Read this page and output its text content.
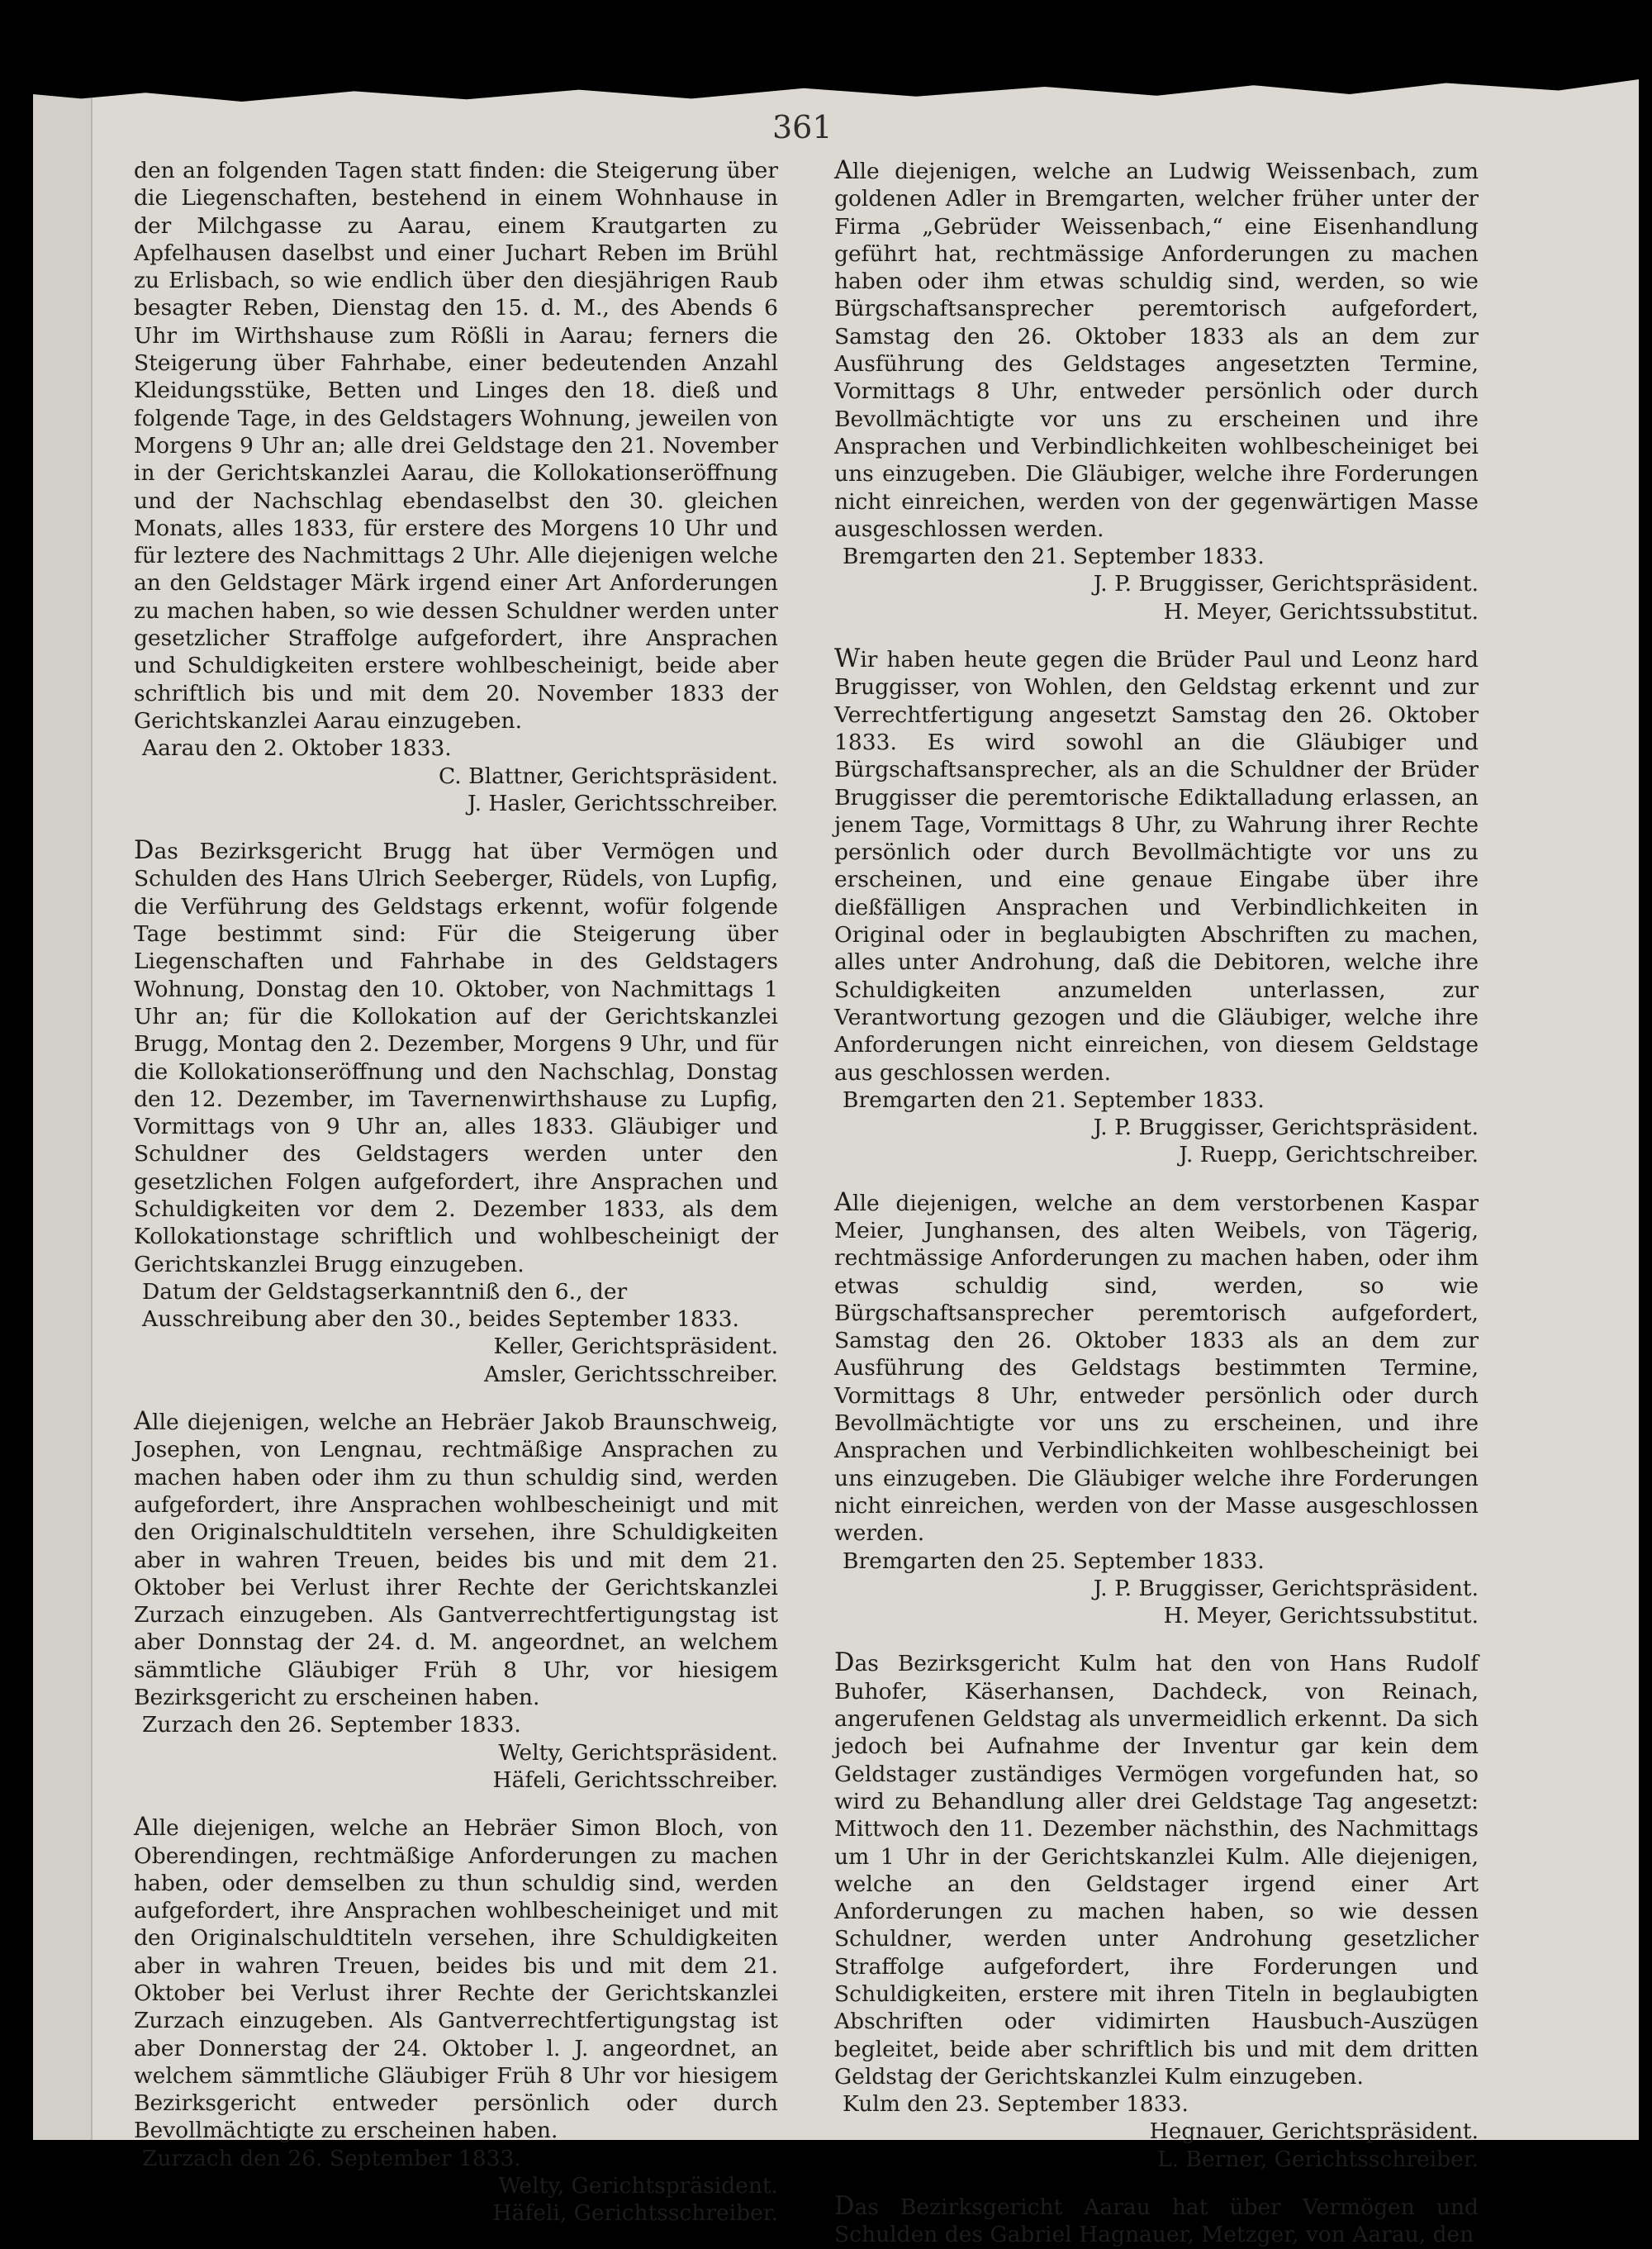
361

den an folgenden Tagen statt finden: die Steigerung über die Liegenschaften, bestehend in einem Wohnhause in der Milchgasse zu Aarau, einem Krautgarten zu Apfelhausen daselbst und einer Juchart Reben im Brühl zu Erlisbach, so wie endlich über den diesjährigen Raub besagter Reben, Dienstag den 15. d. M., des Abends 6 Uhr im Wirthshause zum Rößli in Aarau; ferners die Steigerung über Fahrhabe, einer bedeutenden Anzahl Kleidungsstüke, Betten und Linges den 18. dieß und folgende Tage, in des Geldstagers Wohnung, jeweilen von Morgens 9 Uhr an; alle drei Geldstage den 21. November in der Gerichtskanzlei Aarau, die Kollokationseröffnung und der Nachschlag ebendaselbst den 30. gleichen Monats, alles 1833, für erstere des Morgens 10 Uhr und für leztere des Nachmittags 2 Uhr. Alle diejenigen welche an den Geldstager Märk irgend einer Art Anforderungen zu machen haben, so wie dessen Schuldner werden unter gesetzlicher Straffolge aufgefordert, ihre Ansprachen und Schuldigkeiten erstere wohlbescheinigt, beide aber schriftlich bis und mit dem 20. November 1833 der Gerichtskanzlei Aarau einzugeben.

Aarau den 2. Oktober 1833.

C. Blattner, Gerichtspräsident.

J. Hasler, Gerichtsschreiber.

Das Bezirksgericht Brugg hat über Vermögen und Schulden des Hans Ulrich Seeberger, Rüdels, von Lupfig, die Verführung des Geldstags erkennt, wofür folgende Tage bestimmt sind: Für die Steigerung über Liegenschaften und Fahrhabe in des Geldstagers Wohnung, Donstag den 10. Oktober, von Nachmittags 1 Uhr an; für die Kollokation auf der Gerichtskanzlei Brugg, Montag den 2. Dezember, Morgens 9 Uhr, und für die Kollokationseröffnung und den Nachschlag, Donstag den 12. Dezember, im Tavernenwirthshause zu Lupfig, Vormittags von 9 Uhr an, alles 1833. Gläubiger und Schuldner des Geldstagers werden unter den gesetzlichen Folgen aufgefordert, ihre Ansprachen und Schuldigkeiten vor dem 2. Dezember 1833, als dem Kollokationstage schriftlich und wohlbescheinigt der Gerichtskanzlei Brugg einzugeben.

Datum der Geldstagserkanntniß den 6., der Ausschreibung aber den 30., beides September 1833.

Keller, Gerichtspräsident.

Amsler, Gerichtsschreiber.

Alle diejenigen, welche an Hebräer Jakob Braunschweig, Josephen, von Lengnau, rechtmäßige Ansprachen zu machen haben oder ihm zu thun schuldig sind, werden aufgefordert, ihre Ansprachen wohlbescheinigt und mit den Originalschuldtiteln versehen, ihre Schuldigkeiten aber in wahren Treuen, beides bis und mit dem 21. Oktober bei Verlust ihrer Rechte der Gerichtskanzlei Zurzach einzugeben. Als Gantverrechtfertigungstag ist aber Donnstag der 24. d. M. angeordnet, an welchem sämmtliche Gläubiger Früh 8 Uhr, vor hiesigem Bezirksgericht zu erscheinen haben.

Zurzach den 26. September 1833.

Welty, Gerichtspräsident.

Häfeli, Gerichtsschreiber.

Alle diejenigen, welche an Hebräer Simon Bloch, von Oberendingen, rechtmäßige Anforderungen zu machen haben, oder demselben zu thun schuldig sind, werden aufgefordert, ihre Ansprachen wohlbescheiniget und mit den Originalschuldtiteln versehen, ihre Schuldigkeiten aber in wahren Treuen, beides bis und mit dem 21. Oktober bei Verlust ihrer Rechte der Gerichtskanzlei Zurzach einzugeben. Als Gantverrechtfertigungstag ist aber Donnerstag der 24. Oktober l. J. angeordnet, an welchem sämmtliche Gläubiger Früh 8 Uhr vor hiesigem Bezirksgericht entweder persönlich oder durch Bevollmächtigte zu erscheinen haben.

Zurzach den 26. September 1833.

Welty, Gerichtspräsident.

Häfeli, Gerichtsschreiber.

Alle diejenigen, welche an Ludwig Weissenbach, zum goldenen Adler in Bremgarten, welcher früher unter der Firma „Gebrüder Weissenbach,“ eine Eisenhandlung geführt hat, rechtmässige Anforderungen zu machen haben oder ihm etwas schuldig sind, werden, so wie Bürgschaftsansprecher peremtorisch aufgefordert, Samstag den 26. Oktober 1833 als an dem zur Ausführung des Geldstages angesetzten Termine, Vormittags 8 Uhr, entweder persönlich oder durch Bevollmächtigte vor uns zu erscheinen und ihre Ansprachen und Verbindlichkeiten wohlbescheiniget bei uns einzugeben. Die Gläubiger, welche ihre Forderungen nicht einreichen, werden von der gegenwärtigen Masse ausgeschlossen werden.

Bremgarten den 21. September 1833.

J. P. Bruggisser, Gerichtspräsident.

H. Meyer, Gerichtssubstitut.

Wir haben heute gegen die Brüder Paul und Leonz hard Bruggisser, von Wohlen, den Geldstag erkennt und zur Verrechtfertigung angesetzt Samstag den 26. Oktober 1833. Es wird sowohl an die Gläubiger und Bürgschaftsansprecher, als an die Schuldner der Brüder Bruggisser die peremtorische Ediktalladung erlassen, an jenem Tage, Vormittags 8 Uhr, zu Wahrung ihrer Rechte persönlich oder durch Bevollmächtigte vor uns zu erscheinen, und eine genaue Eingabe über ihre dießfälligen Ansprachen und Verbindlichkeiten in Original oder in beglaubigten Abschriften zu machen, alles unter Androhung, daß die Debitoren, welche ihre Schuldigkeiten anzumelden unterlassen, zur Verantwortung gezogen und die Gläubiger, welche ihre Anforderungen nicht einreichen, von diesem Geldstage aus geschlossen werden.

Bremgarten den 21. September 1833.

J. P. Bruggisser, Gerichtspräsident.

J. Ruepp, Gerichtschreiber.

Alle diejenigen, welche an dem verstorbenen Kaspar Meier, Junghansen, des alten Weibels, von Tägerig, rechtmässige Anforderungen zu machen haben, oder ihm etwas schuldig sind, werden, so wie Bürgschaftsansprecher peremtorisch aufgefordert, Samstag den 26. Oktober 1833 als an dem zur Ausführung des Geldstags bestimmten Termine, Vormittags 8 Uhr, entweder persönlich oder durch Bevollmächtigte vor uns zu erscheinen, und ihre Ansprachen und Verbindlichkeiten wohlbescheinigt bei uns einzugeben. Die Gläubiger welche ihre Forderungen nicht einreichen, werden von der Masse ausgeschlossen werden.

Bremgarten den 25. September 1833.

J. P. Bruggisser, Gerichtspräsident.

H. Meyer, Gerichtssubstitut.

Das Bezirksgericht Kulm hat den von Hans Rudolf Buhofer, Käserhansen, Dachdeck, von Reinach, angerufenen Geldstag als unvermeidlich erkennt. Da sich jedoch bei Aufnahme der Inventur gar kein dem Geldstager zuständiges Vermögen vorgefunden hat, so wird zu Behandlung aller drei Geldstage Tag angesetzt: Mittwoch den 11. Dezember nächsthin, des Nachmittags um 1 Uhr in der Gerichtskanzlei Kulm. Alle diejenigen, welche an den Geldstager irgend einer Art Anforderungen zu machen haben, so wie dessen Schuldner, werden unter Androhung gesetzlicher Straffolge aufgefordert, ihre Forderungen und Schuldigkeiten, erstere mit ihren Titeln in beglaubigten Abschriften oder vidimirten Hausbuch-Auszügen begleitet, beide aber schriftlich bis und mit dem dritten Geldstag der Gerichtskanzlei Kulm einzugeben.

Kulm den 23. September 1833.

Hegnauer, Gerichtspräsident.

L. Berner, Gerichtsschreiber.

Das Bezirksgericht Aarau hat über Vermögen und Schulden des Gabriel Hagnauer, Metzger, von Aarau, den
